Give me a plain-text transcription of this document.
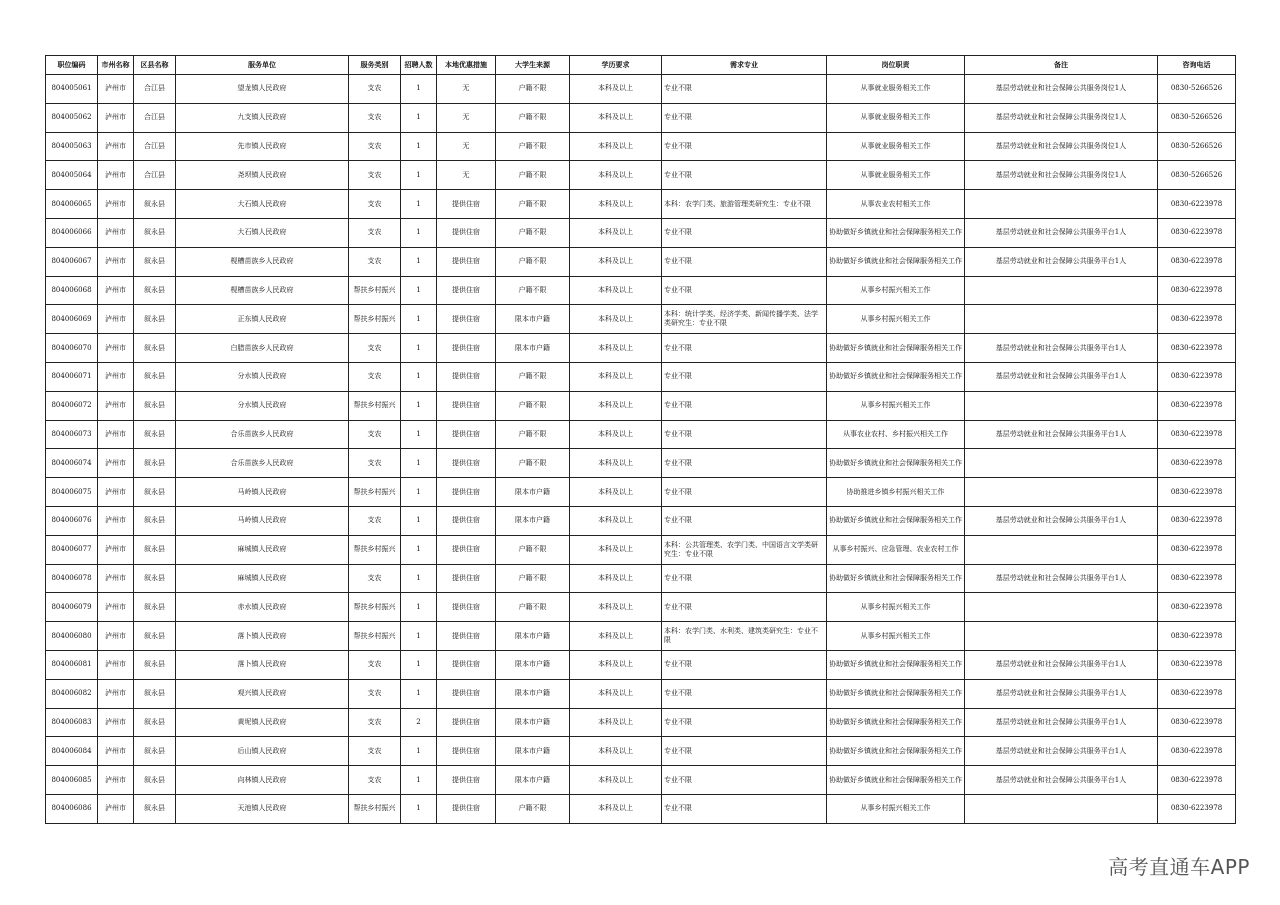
职位编码	市州名称	区县名称	服务单位	服务类别	招聘人数	本地优惠措施	大学生来源	学历要求	需求专业	岗位职责	备注	咨询电话
804005061	泸州市	合江县	望龙镇人民政府	支农	1	无	户籍不限	本科及以上	专业不限	从事就业服务相关工作	基层劳动就业和社会保障公共服务岗位1人	0830-5266526
804005062	泸州市	合江县	九支镇人民政府	支农	1	无	户籍不限	本科及以上	专业不限	从事就业服务相关工作	基层劳动就业和社会保障公共服务岗位1人	0830-5266526
804005063	泸州市	合江县	先市镇人民政府	支农	1	无	户籍不限	本科及以上	专业不限	从事就业服务相关工作	基层劳动就业和社会保障公共服务岗位1人	0830-5266526
804005064	泸州市	合江县	尧坝镇人民政府	支农	1	无	户籍不限	本科及以上	专业不限	从事就业服务相关工作	基层劳动就业和社会保障公共服务岗位1人	0830-5266526
804006065	泸州市	叙永县	大石镇人民政府	支农	1	提供住宿	户籍不限	本科及以上	本科：农学门类、旅游管理类研究生：专业不限	从事农业农村相关工作		0830-6223978
804006066	泸州市	叙永县	大石镇人民政府	支农	1	提供住宿	户籍不限	本科及以上	专业不限	协助做好乡镇就业和社会保障服务相关工作	基层劳动就业和社会保障公共服务平台1人	0830-6223978
804006067	泸州市	叙永县	枧槽苗族乡人民政府	支农	1	提供住宿	户籍不限	本科及以上	专业不限	协助做好乡镇就业和社会保障服务相关工作	基层劳动就业和社会保障公共服务平台1人	0830-6223978
804006068	泸州市	叙永县	枧槽苗族乡人民政府	帮扶乡村振兴	1	提供住宿	户籍不限	本科及以上	专业不限	从事乡村振兴相关工作		0830-6223978
804006069	泸州市	叙永县	正东镇人民政府	帮扶乡村振兴	1	提供住宿	限本市户籍	本科及以上	本科：统计学类、经济学类、新闻传播学类、法学类研究生：专业不限	从事乡村振兴相关工作		0830-6223978
804006070	泸州市	叙永县	白腊苗族乡人民政府	支农	1	提供住宿	限本市户籍	本科及以上	专业不限	协助做好乡镇就业和社会保障服务相关工作	基层劳动就业和社会保障公共服务平台1人	0830-6223978
804006071	泸州市	叙永县	分水镇人民政府	支农	1	提供住宿	户籍不限	本科及以上	专业不限	协助做好乡镇就业和社会保障服务相关工作	基层劳动就业和社会保障公共服务平台1人	0830-6223978
804006072	泸州市	叙永县	分水镇人民政府	帮扶乡村振兴	1	提供住宿	户籍不限	本科及以上	专业不限	从事乡村振兴相关工作		0830-6223978
804006073	泸州市	叙永县	合乐苗族乡人民政府	支农	1	提供住宿	户籍不限	本科及以上	专业不限	从事农业农村、乡村振兴相关工作	基层劳动就业和社会保障公共服务平台1人	0830-6223978
804006074	泸州市	叙永县	合乐苗族乡人民政府	支农	1	提供住宿	户籍不限	本科及以上	专业不限	协助做好乡镇就业和社会保障服务相关工作		0830-6223978
804006075	泸州市	叙永县	马岭镇人民政府	帮扶乡村振兴	1	提供住宿	限本市户籍	本科及以上	专业不限	协助推进乡镇乡村振兴相关工作		0830-6223978
804006076	泸州市	叙永县	马岭镇人民政府	支农	1	提供住宿	限本市户籍	本科及以上	专业不限	协助做好乡镇就业和社会保障服务相关工作	基层劳动就业和社会保障公共服务平台1人	0830-6223978
804006077	泸州市	叙永县	麻城镇人民政府	帮扶乡村振兴	1	提供住宿	户籍不限	本科及以上	本科：公共管理类、农学门类、中国语言文学类研究生：专业不限	从事乡村振兴、应急管理、农业农村工作		0830-6223978
804006078	泸州市	叙永县	麻城镇人民政府	支农	1	提供住宿	户籍不限	本科及以上	专业不限	协助做好乡镇就业和社会保障服务相关工作	基层劳动就业和社会保障公共服务平台1人	0830-6223978
804006079	泸州市	叙永县	赤水镇人民政府	帮扶乡村振兴	1	提供住宿	户籍不限	本科及以上	专业不限	从事乡村振兴相关工作		0830-6223978
804006080	泸州市	叙永县	落卜镇人民政府	帮扶乡村振兴	1	提供住宿	限本市户籍	本科及以上	本科：农学门类、水利类、建筑类研究生：专业不限	从事乡村振兴相关工作		0830-6223978
804006081	泸州市	叙永县	落卜镇人民政府	支农	1	提供住宿	限本市户籍	本科及以上	专业不限	协助做好乡镇就业和社会保障服务相关工作	基层劳动就业和社会保障公共服务平台1人	0830-6223978
804006082	泸州市	叙永县	观兴镇人民政府	支农	1	提供住宿	限本市户籍	本科及以上	专业不限	协助做好乡镇就业和社会保障服务相关工作	基层劳动就业和社会保障公共服务平台1人	0830-6223978
804006083	泸州市	叙永县	黄坭镇人民政府	支农	2	提供住宿	限本市户籍	本科及以上	专业不限	协助做好乡镇就业和社会保障服务相关工作	基层劳动就业和社会保障公共服务平台1人	0830-6223978
804006084	泸州市	叙永县	后山镇人民政府	支农	1	提供住宿	限本市户籍	本科及以上	专业不限	协助做好乡镇就业和社会保障服务相关工作	基层劳动就业和社会保障公共服务平台1人	0830-6223978
804006085	泸州市	叙永县	向林镇人民政府	支农	1	提供住宿	限本市户籍	本科及以上	专业不限	协助做好乡镇就业和社会保障服务相关工作	基层劳动就业和社会保障公共服务平台1人	0830-6223978
804006086	泸州市	叙永县	天池镇人民政府	帮扶乡村振兴	1	提供住宿	户籍不限	本科及以上	专业不限	从事乡村振兴相关工作		0830-6223978
高考直通车APP
